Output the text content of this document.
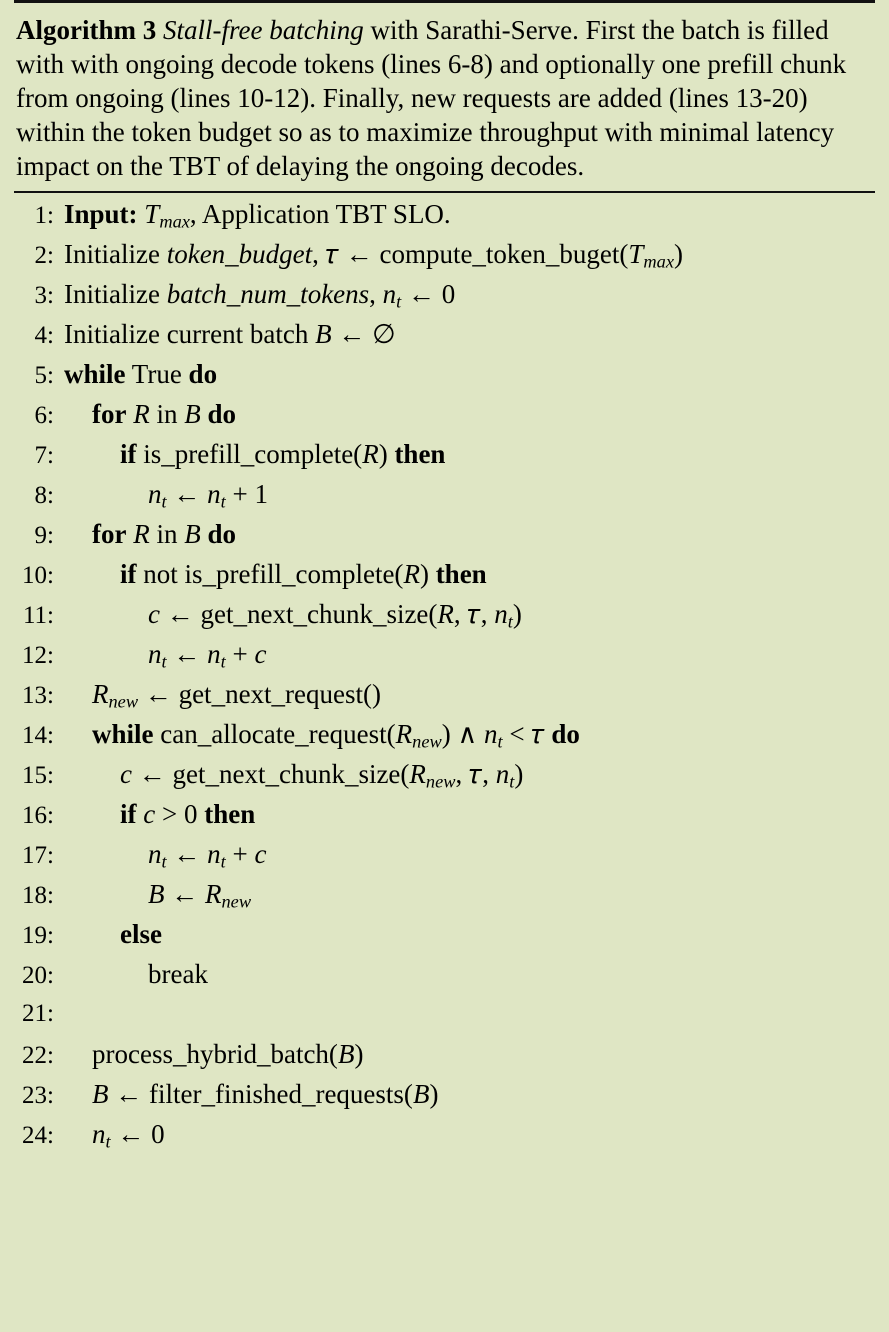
Algorithm 3 Stall-free batching with Sarathi-Serve. First the batch is filled with with ongoing decode tokens (lines 6-8) and optionally one prefill chunk from ongoing (lines 10-12). Finally, new requests are added (lines 13-20) within the token budget so as to maximize throughput with minimal latency impact on the TBT of delaying the ongoing decodes.
1: Input: $T_{max}$, Application TBT SLO.
2: Initialize token_budget, 𝜏 ← $compute\_token\_buget(T_{max})$
3: Initialize batch_num_tokens, $n_t$ ← 0
4: Initialize current batch B ← ∅
5: while True do
6:	for R in B do
7:	if is_prefill_complete(R) then
8:	$n_t$ ← $n_t + 1$
9:	for R in B do
10:	if not is_prefill_complete(R) then
11:	c ← get_next_chunk_size(R, 𝜏, $n_t$)
12:	$n_t$ ← $n_t + c$
13:	$R_{new}$ ← get_next_request()
14:	while $can\_allocate\_request(R_{new})$ ∧ $n_t$ < 𝜏 do
15:	c ← $get\_next\_chunk\_size(R_{new}$, 𝜏, $n_t$)
16:	if c > 0 then
17:	$n_t$ ← $n_t + c$
18:	B ← $R_{new}$
19:	else
20:	break
21:
22:	process_hybrid_batch(B)
23:	B ← filter_finished_requests(B)
24:	$n_t$ ← 0
